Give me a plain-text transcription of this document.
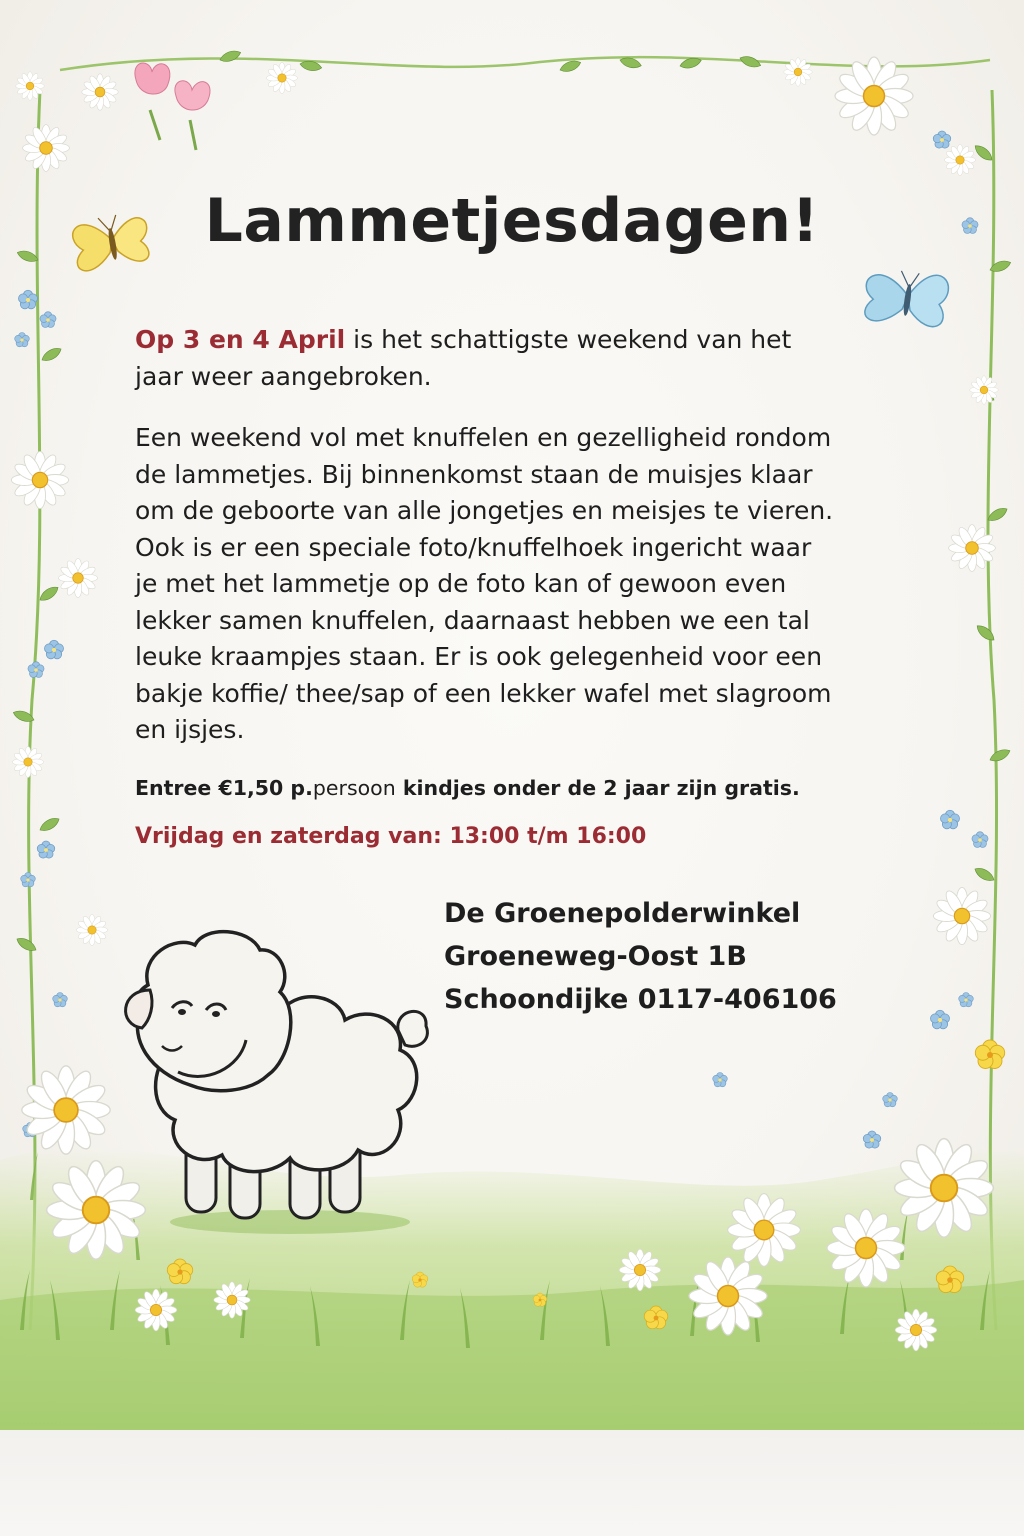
Lammetjesdagen!

Op 3 en 4 April is het schattigste weekend van het
jaar weer aangebroken.

Een weekend vol met knuffelen en gezelligheid rondom
de lammetjes. Bij binnenkomst staan de muisjes klaar
om de geboorte van alle jongetjes en meisjes te vieren.
Ook is er een speciale foto/knuffelhoek ingericht waar
je met het lammetje op de foto kan of gewoon even
lekker samen knuffelen, daarnaast hebben we een tal
leuke kraampjes staan. Er is ook gelegenheid voor een
bakje koffie/ thee/sap of een lekker wafel met slagroom
en ijsjes.

Entree €1,50 p.persoon kindjes onder de 2 jaar zijn gratis.

Vrijdag en zaterdag van: 13:00 t/m 16:00

De Groenepolderwinkel
Groeneweg-Oost 1B
Schoondijke 0117-406106
